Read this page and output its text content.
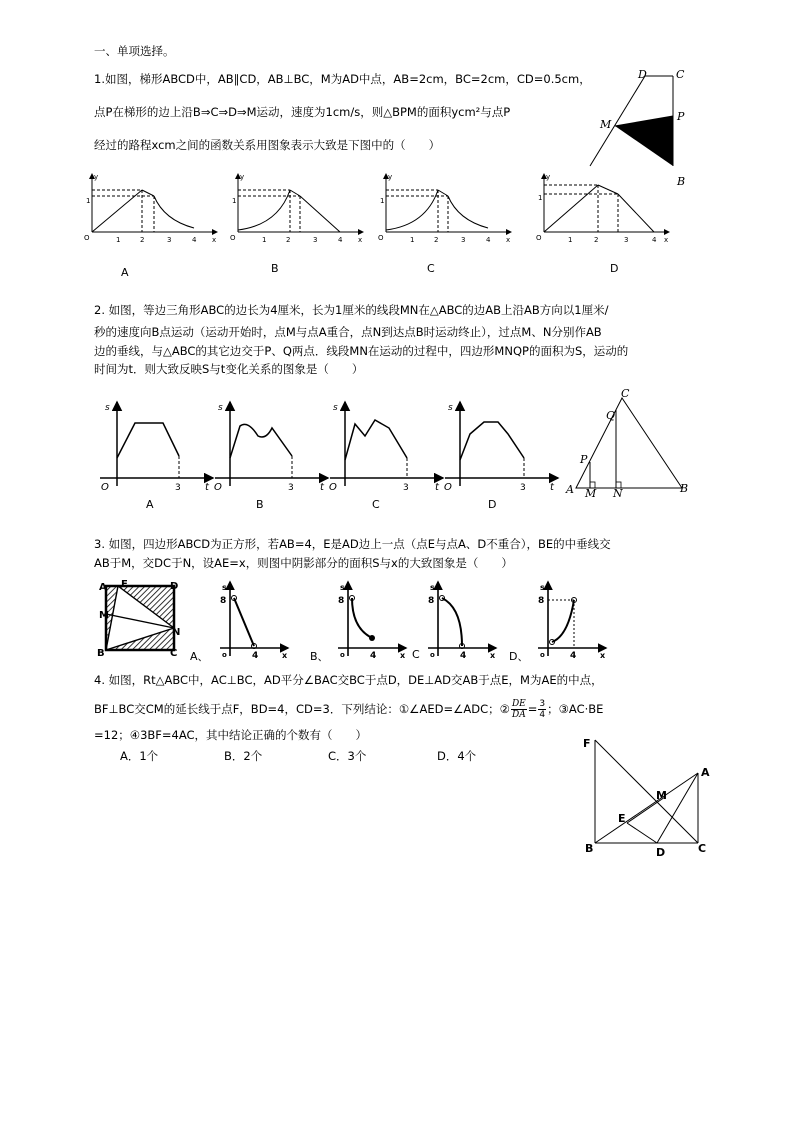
一、单项选择。
1.如图，梯形ABCD中，AB∥CD，AB⊥BC，M为AD中点，AB=2cm，BC=2cm，CD=0.5cm，
点P在梯形的边上沿B⇒C⇒D⇒M运动，速度为1cm/s，则△BPM的面积ycm²与点P
经过的路程xcm之间的函数关系用图象表示大致是下图中的（　　）
D	C
M
P
B
y
x
O
1
1	2	3	4
y
x
O
1
1	2	3	4
y
x
O
1
1	2	3	4
y
x
O
1
1	2	3	4
A	B	C	D
2. 如图，等边三角形ABC的边长为4厘米，长为1厘米的线段MN在△ABC的边AB上沿AB方向以1厘米/
秒的速度向B点运动（运动开始时，点M与点A重合，点N到达点B时运动终止），过点M、N分别作AB
边的垂线，与△ABC的其它边交于P、Q两点．线段MN在运动的过程中，四边形MNQP的面积为S，运动的
时间为t．则大致反映S与t变化关系的图象是（　　）
s
O	3 t
s
O	3	t
s
O	3	t
s
O	3 t
A	B	C	D
C
Q
P
A M N	B
3. 如图，四边形ABCD为正方形，若AB=4，E是AD边上一点（点E与点A、D不重合），BE的中垂线交
AB于M，交DC于N，设AE=x，则图中阴影部分的面积S与x的大致图象是（　　）
A E	D
M
N
B	C
s
8
o	4	x
s
8
o	4	x
s
8
o	4	x
s
8
o	4	x
A、	B、	C	D、
4. 如图，Rt△ABC中，AC⊥BC，AD平分∠BAC交BC于点D，DE⊥AD交AB于点E，M为AE的中点，
BF⊥BC交CM的延长线于点F，BD=4，CD=3．下列结论：①∠AED=∠ADC；② $\frac{DE}{DA} = \frac{3}{4}$ ；③AC·BE
=12；④3BF=4AC，其中结论正确的个数有（　　）
A．1个	B．2个	C．3个	D．4个
F
A
M
E
B	D	C
